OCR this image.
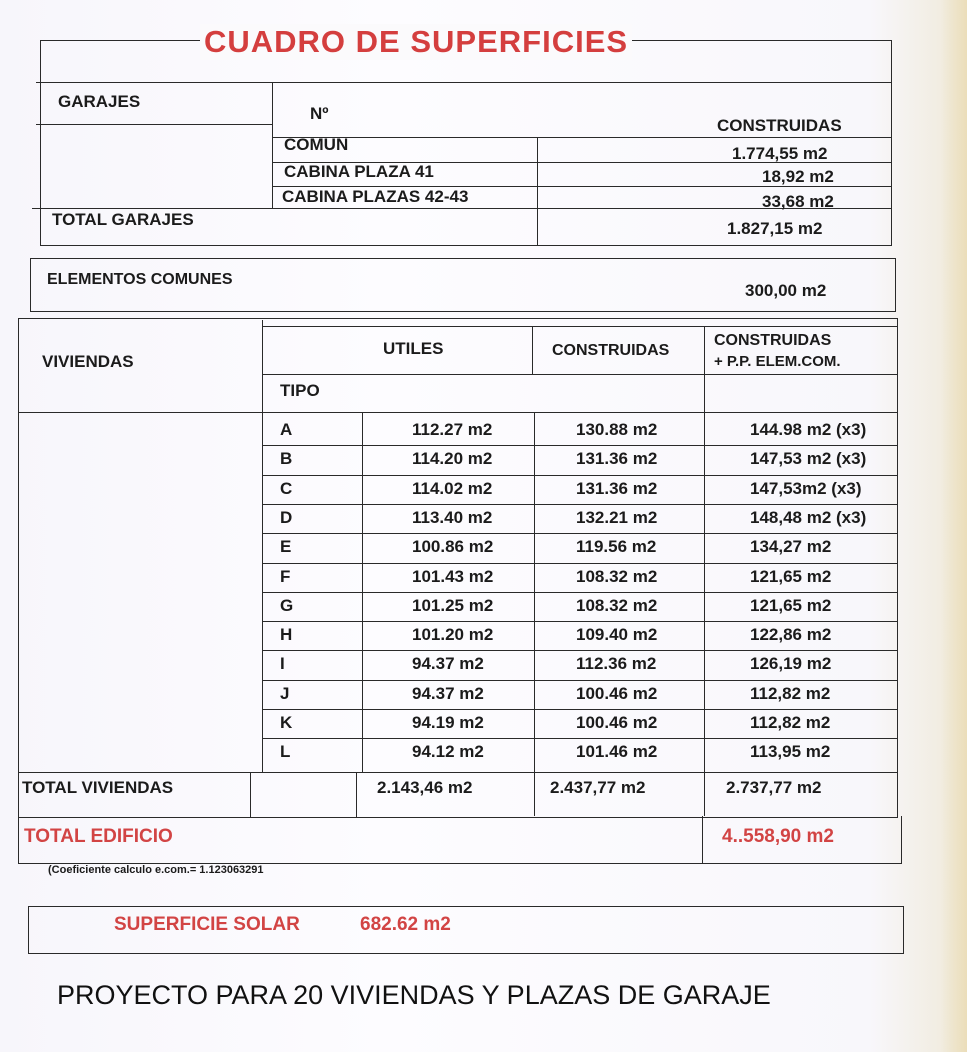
CUADRO DE SUPERFICIES
GARAJES
Nº
CONSTRUIDAS
COMUN	1.774,55 m2
CABINA PLAZA 41	18,92 m2
CABINA PLAZAS 42-43	33,68 m2
TOTAL GARAJES	1.827,15 m2
ELEMENTOS COMUNES
300,00 m2
VIVIENDAS
UTILES	CONSTRUIDAS
CONSTRUIDAS
+ P.P. ELEM.COM.
TIPO
A	112.27 m2	130.88 m2	144.98 m2 (x3)
B	114.20 m2	131.36 m2	147,53 m2 (x3)
C	114.02 m2	131.36 m2	147,53m2 (x3)
D	113.40 m2	132.21 m2	148,48 m2 (x3)
E	100.86 m2	119.56 m2	134,27 m2
F	101.43 m2	108.32 m2	121,65 m2
G	101.25 m2	108.32 m2	121,65 m2
H	101.20 m2	109.40 m2	122,86 m2
I	94.37 m2	112.36 m2	126,19 m2
J	94.37 m2	100.46 m2	112,82 m2
K	94.19 m2	100.46 m2	112,82 m2
L	94.12 m2	101.46 m2	113,95 m2
TOTAL VIVIENDAS	2.143,46 m2	2.437,77 m2	2.737,77 m2
TOTAL EDIFICIO	4..558,90 m2
(Coeficiente calculo e.com.= 1.123063291
SUPERFICIE SOLAR	682.62 m2
PROYECTO PARA 20 VIVIENDAS Y PLAZAS DE GARAJE
